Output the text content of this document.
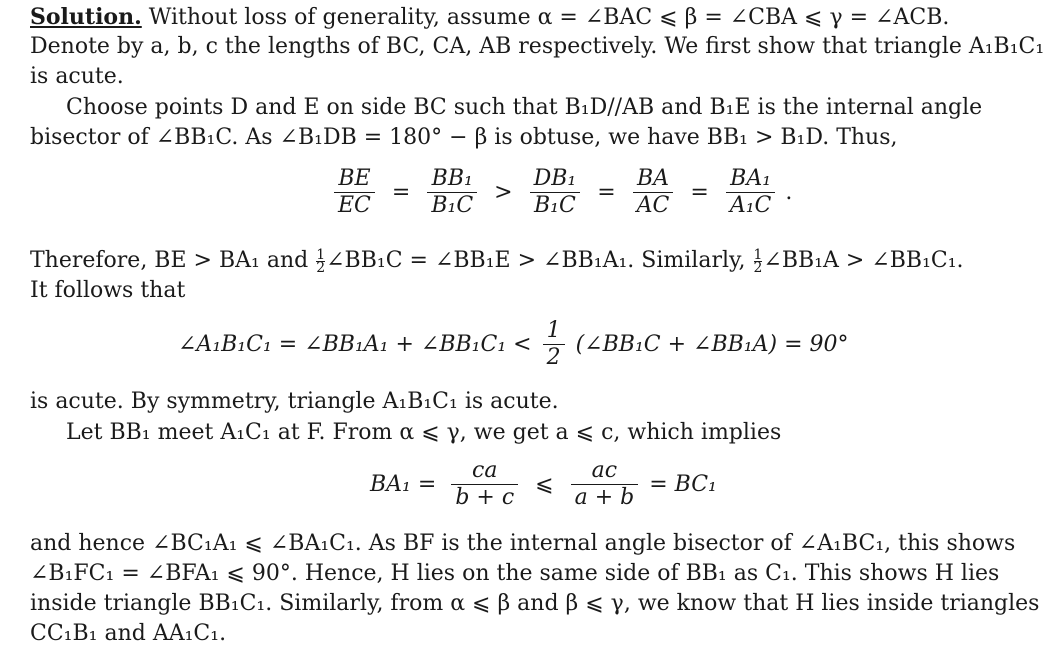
Solution. Without loss of generality, assume α = ∠BAC ⩽ β = ∠CBA ⩽ γ = ∠ACB.
Denote by a, b, c the lengths of BC, CA, AB respectively. We first show that triangle A₁B₁C₁
is acute.
Choose points D and E on side BC such that B₁D//AB and B₁E is the internal angle
bisector of ∠BB₁C. As ∠B₁DB = 180° − β is obtuse, we have BB₁ > B₁D. Thus,
$\frac{BE}{EC} = \frac{\text{BB₁}}{\text{B₁C}} > \frac{\text{DB₁}}{\text{B₁C}} = \frac{BA}{AC} = \frac{\text{BA₁}}{\text{A₁C}}$ .
Therefore, BE > BA₁ and $\frac{1}{2}$ ∠BB₁C = ∠BB₁E > ∠BB₁A₁. Similarly, $\frac{1}{2}$ ∠BB₁A > ∠BB₁C₁.
It follows that
∠A₁B₁C₁ = ∠BB₁A₁ + ∠BB₁C₁ < $\frac{1}{2}$ (∠BB₁C + ∠BB₁A) = 90°
is acute. By symmetry, triangle A₁B₁C₁ is acute.
Let BB₁ meet A₁C₁ at F. From α ⩽ γ, we get a ⩽ c, which implies
$BA_1 = \frac{ca}{b + c}$ ⩽ $\frac{ac}{a + b} = BC_1$
and hence ∠BC₁A₁ ⩽ ∠BA₁C₁. As BF is the internal angle bisector of ∠A₁BC₁, this shows
∠B₁FC₁ = ∠BFA₁ ⩽ 90°. Hence, H lies on the same side of BB₁ as C₁. This shows H lies
inside triangle BB₁C₁. Similarly, from α ⩽ β and β ⩽ γ, we know that H lies inside triangles
CC₁B₁ and AA₁C₁.
